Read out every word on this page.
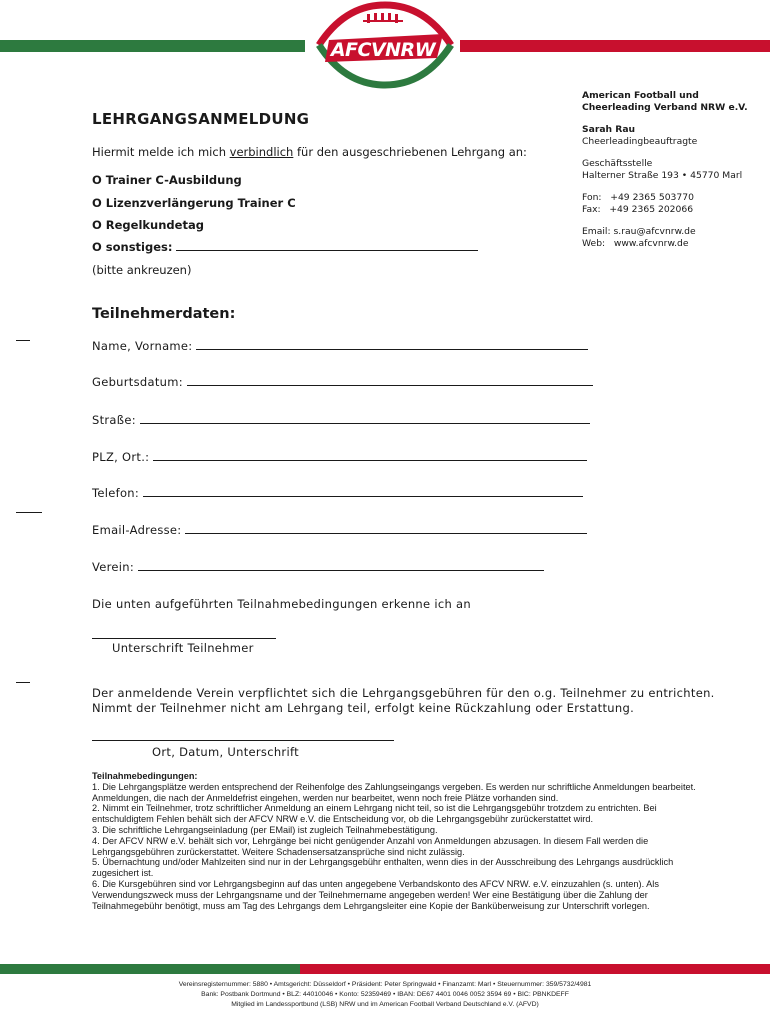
AFCVNRW
American Football und
Cheerleading Verband NRW e.V.
Sarah Rau
Cheerleadingbeauftragte
Geschäftsstelle
Halterner Straße 193 • 45770 Marl
Fon:   +49 2365 503770
Fax:   +49 2365 202066
Email: s.rau@afcvnrw.de
Web:   www.afcvnrw.de
LEHRGANGSANMELDUNG
Hiermit melde ich mich verbindlich für den ausgeschriebenen Lehrgang an:
O Trainer C-Ausbildung
O Lizenzverlängerung Trainer C
O Regelkundetag
O sonstiges:
(bitte ankreuzen)
Teilnehmerdaten:
Name, Vorname:
Geburtsdatum:
Straße:
PLZ, Ort.:
Telefon:
Email-Adresse:
Verein:
Die unten aufgeführten Teilnahmebedingungen erkenne ich an
Unterschrift Teilnehmer
Der anmeldende Verein verpflichtet sich die Lehrgangsgebühren für den o.g. Teilnehmer zu entrichten.
Nimmt der Teilnehmer nicht am Lehrgang teil, erfolgt keine Rückzahlung oder Erstattung.
Ort, Datum, Unterschrift
Teilnahmebedingungen:
1. Die Lehrgangsplätze werden entsprechend der Reihenfolge des Zahlungseingangs vergeben. Es werden nur schriftliche Anmeldungen bearbeitet. Anmeldungen, die nach der Anmeldefrist eingehen, werden nur bearbeitet, wenn noch freie Plätze vorhanden sind.
2. Nimmt ein Teilnehmer, trotz schriftlicher Anmeldung an einem Lehrgang nicht teil, so ist die Lehrgangsgebühr trotzdem zu entrichten. Bei entschuldigtem Fehlen behält sich der AFCV NRW e.V. die Entscheidung vor, ob die Lehrgangsgebühr zurückerstattet wird.
3. Die schriftliche Lehrgangseinladung (per EMail) ist zugleich Teilnahmebestätigung.
4. Der AFCV NRW e.V. behält sich vor, Lehrgänge bei nicht genügender Anzahl von Anmeldungen abzusagen. In diesem Fall werden die Lehrgangsgebühren zurückerstattet. Weitere Schadensersatzansprüche sind nicht zulässig.
5. Übernachtung und/oder Mahlzeiten sind nur in der Lehrgangsgebühr enthalten, wenn dies in der Ausschreibung des Lehrgangs ausdrücklich zugesichert ist.
6. Die Kursgebühren sind vor Lehrgangsbeginn auf das unten angegebene Verbandskonto des AFCV NRW. e.V. einzuzahlen (s. unten). Als Verwendungszweck muss der Lehrgangsname und der Teilnehmername angegeben werden! Wer eine Bestätigung über die Zahlung der Teilnahmegebühr benötigt, muss am Tag des Lehrgangs dem Lehrgangsleiter eine Kopie der Banküberweisung zur Unterschrift vorlegen.
Vereinsregisternummer: 5880 • Amtsgericht: Düsseldorf • Präsident: Peter Springwald • Finanzamt: Marl • Steuernummer: 359/5732/4981
Bank: Postbank Dortmund • BLZ: 44010046 • Konto: 52359469 • IBAN: DE67 4401 0046 0052 3594 69 • BIC: PBNKDEFF
Mitglied im Landessportbund (LSB) NRW und im American Football Verband Deutschland e.V. (AFVD)
